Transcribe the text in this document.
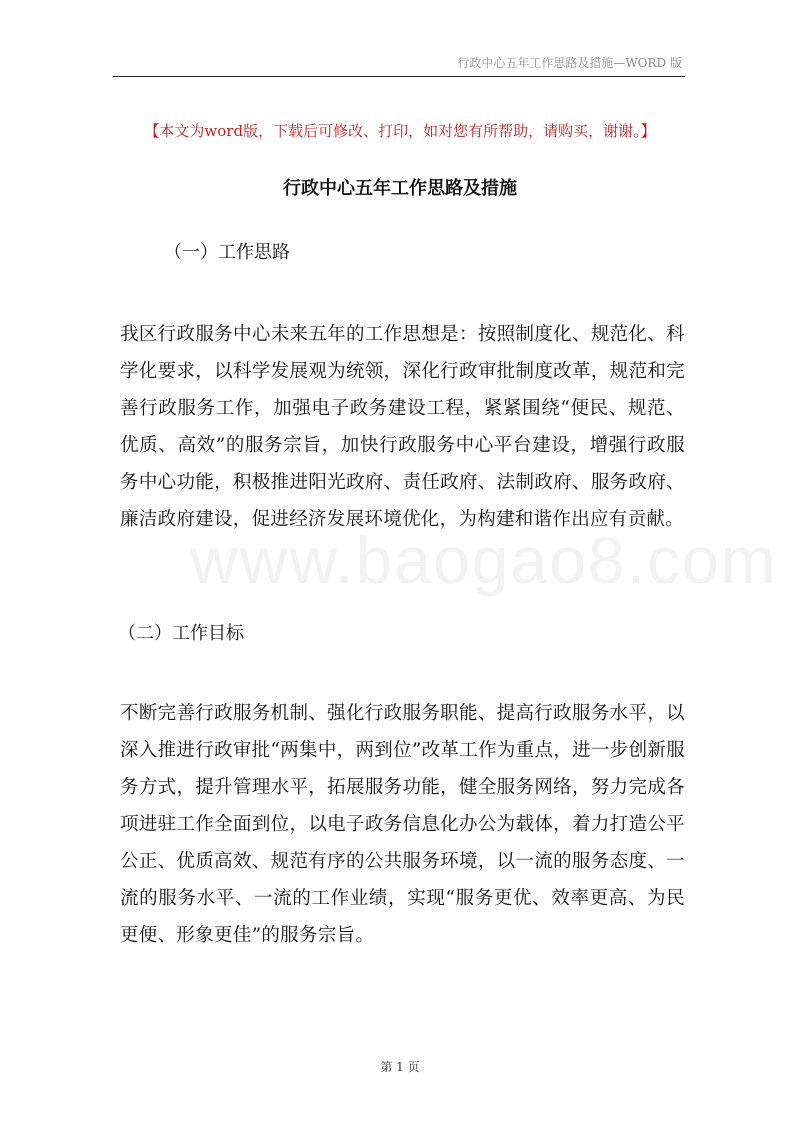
行政中心五年工作思路及措施—WORD 版
【本文为word版，下载后可修改、打印，如对您有所帮助，请购买，谢谢。】
行政中心五年工作思路及措施
（一）工作思路

我区行政服务中心未来五年的工作思想是：按照制度化、规范化、科学化要求，以科学发展观为统领，深化行政审批制度改革，规范和完善行政服务工作，加强电子政务建设工程，紧紧围绕“便民、规范、优质、高效”的服务宗旨，加快行政服务中心平台建设，增强行政服务中心功能，积极推进阳光政府、责任政府、法制政府、服务政府、廉洁政府建设，促进经济发展环境优化，为构建和谐作出应有贡献。

www.baogao8.com
（二）工作目标

不断完善行政服务机制、强化行政服务职能、提高行政服务水平，以深入推进行政审批“两集中，两到位”改革工作为重点，进一步创新服务方式，提升管理水平，拓展服务功能，健全服务网络，努力完成各项进驻工作全面到位，以电子政务信息化办公为载体，着力打造公平公正、优质高效、规范有序的公共服务环境，以一流的服务态度、一流的服务水平、一流的工作业绩，实现“服务更优、效率更高、为民更便、形象更佳”的服务宗旨。

第 1 页
